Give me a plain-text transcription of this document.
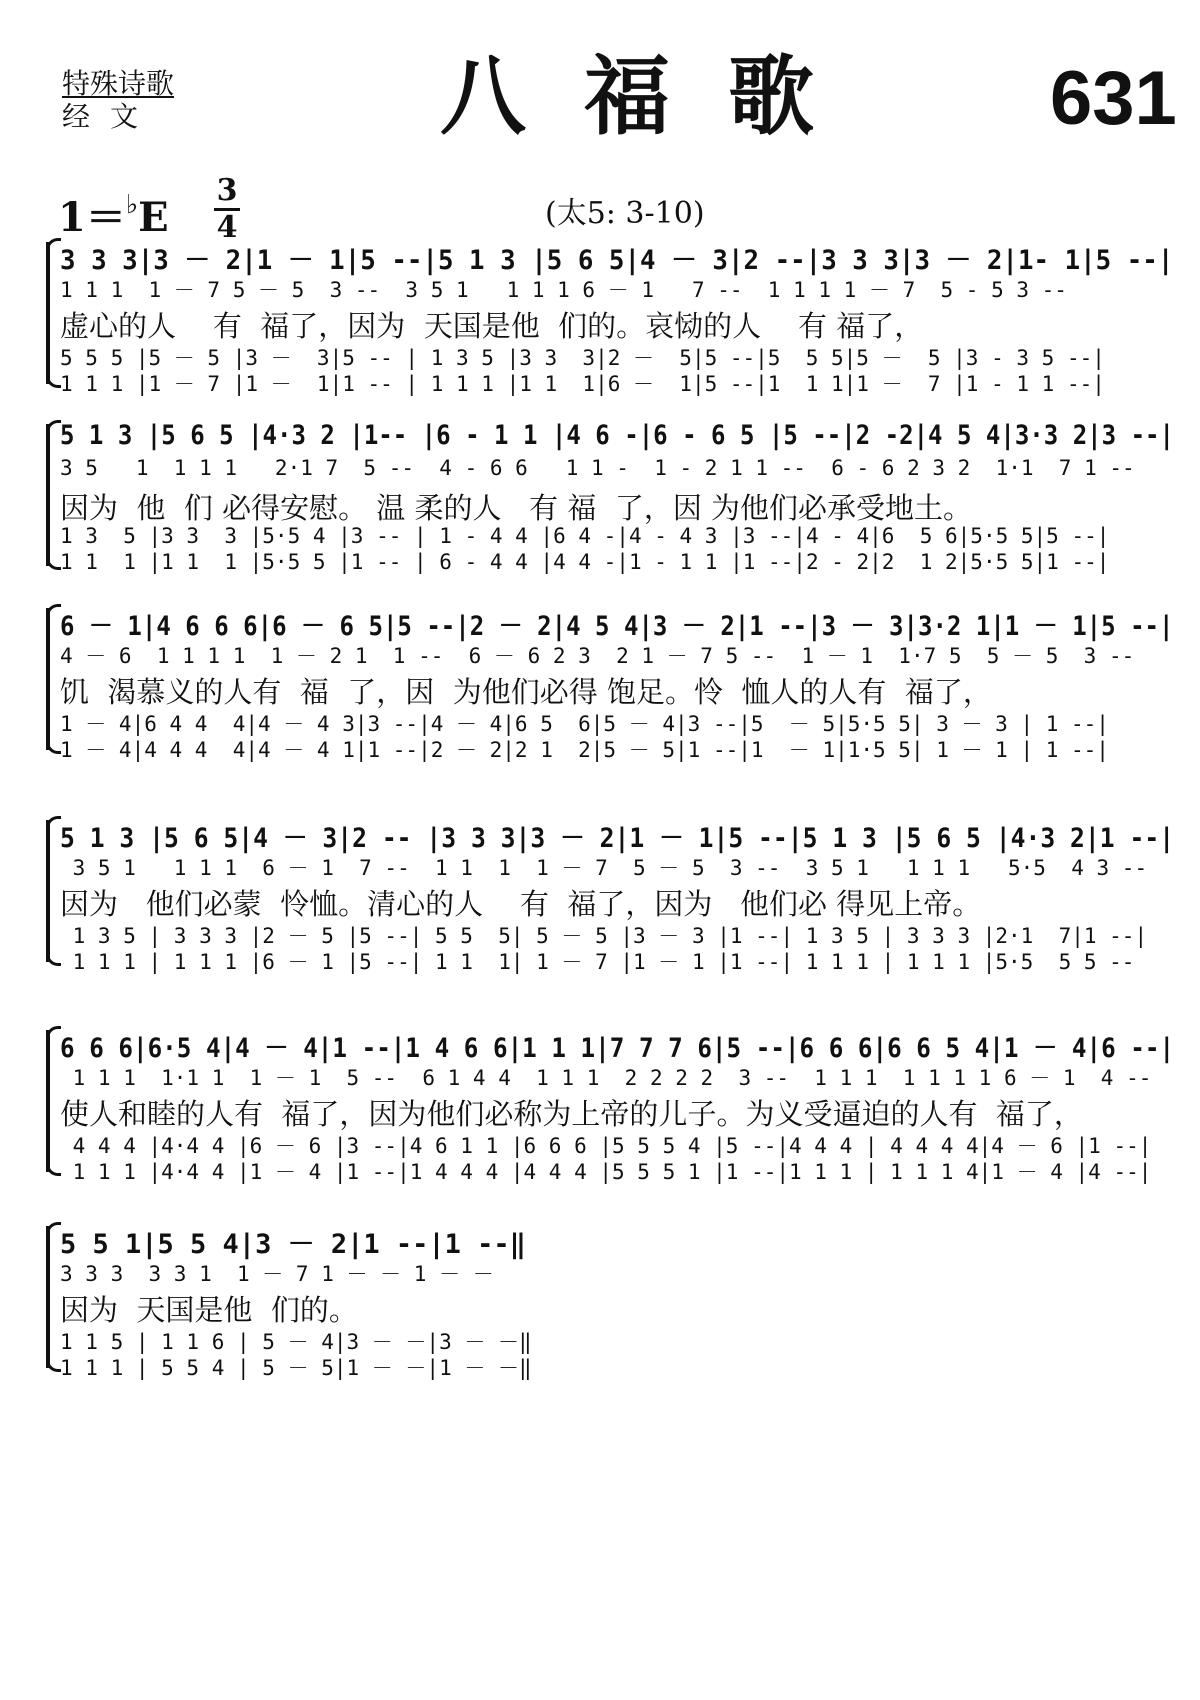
特殊诗歌
经文	八福歌 631
1＝♭E
3
4	(太5: 3-10)
3 3 3|3 － 2|1 － 1|5 --|5 1 3 |5 6 5|4 － 3|2 --|3 3 3|3 － 2|1- 1|5 --|
1 1 1  1 － 7 5 － 5  3 --  3 5 1   1 1 1 6 － 1   7 --  1 1 1 1 － 7  5 - 5 3 --
虚心的人    有  福了，因为  天国是他  们的。哀恸的人    有 福了，
5 5 5 |5 － 5 |3 －  3|5 -- | 1 3 5 |3 3  3|2 －  5|5 --|5  5 5|5 －  5 |3 - 3 5 --|
1 1 1 |1 － 7 |1 －  1|1 -- | 1 1 1 |1 1  1|6 －  1|5 --|1  1 1|1 －  7 |1 - 1 1 --|
5 1 3 |5 6 5 |4·3 2 |1-- |6 - 1 1 |4 6 -|6 - 6 5 |5 --|2 -2|4 5 4|3·3 2|3 --|
3 5   1  1 1 1   2·1 7  5 --  4 - 6 6   1 1 -  1 - 2 1 1 --  6 - 6 2 3 2  1·1  7 1 --
因为  他  们 必得安慰。 温 柔的人   有 福  了，因 为他们必承受地土。
1 3  5 |3 3  3 |5·5 4 |3 -- | 1 - 4 4 |6 4 -|4 - 4 3 |3 --|4 - 4|6  5 6|5·5 5|5 --|
1 1  1 |1 1  1 |5·5 5 |1 -- | 6 - 4 4 |4 4 -|1 - 1 1 |1 --|2 - 2|2  1 2|5·5 5|1 --|
6 － 1|4 6 6 6|6 － 6 5|5 --|2 － 2|4 5 4|3 － 2|1 --|3 － 3|3·2 1|1 － 1|5 --|
4 － 6  1 1 1 1  1 － 2 1  1 --  6 － 6 2 3  2 1 － 7 5 --  1 － 1  1·7 5  5 － 5  3 --
饥  渴慕义的人有  福  了，因  为他们必得 饱足。怜  恤人的人有  福了，
1 － 4|6 4 4  4|4 － 4 3|3 --|4 － 4|6 5  6|5 － 4|3 --|5  － 5|5·5 5| 3 － 3 | 1 --|
1 － 4|4 4 4  4|4 － 4 1|1 --|2 － 2|2 1  2|5 － 5|1 --|1  － 1|1·5 5| 1 － 1 | 1 --|
5 1 3 |5 6 5|4 － 3|2 -- |3 3 3|3 － 2|1 － 1|5 --|5 1 3 |5 6 5 |4·3 2|1 --|
3 5 1   1 1 1  6 － 1  7 --  1 1  1  1 － 7  5 － 5  3 --  3 5 1   1 1 1   5·5  4 3 --
因为   他们必蒙  怜恤。清心的人    有  福了，因为   他们必 得见上帝。
1 3 5 | 3 3 3 |2 － 5 |5 --| 5 5  5| 5 － 5 |3 － 3 |1 --| 1 3 5 | 3 3 3 |2·1  7|1 --|
1 1 1 | 1 1 1 |6 － 1 |5 --| 1 1  1| 1 － 7 |1 － 1 |1 --| 1 1 1 | 1 1 1 |5·5  5 5 --
6 6 6|6·5 4|4 － 4|1 --|1 4 6 6|1 1 1|7 7 7 6|5 --|6 6 6|6 6 5 4|1 － 4|6 --|
1 1 1  1·1 1  1 － 1  5 --  6 1 4 4  1 1 1  2 2 2 2  3 --  1 1 1  1 1 1 1 6 － 1  4 --
使人和睦的人有  福了，因为他们必称为上帝的儿子。为义受逼迫的人有  福了，
4 4 4 |4·4 4 |6 － 6 |3 --|4 6 1 1 |6 6 6 |5 5 5 4 |5 --|4 4 4 | 4 4 4 4|4 － 6 |1 --|
1 1 1 |4·4 4 |1 － 4 |1 --|1 4 4 4 |4 4 4 |5 5 5 1 |1 --|1 1 1 | 1 1 1 4|1 － 4 |4 --|
5 5 1|5 5 4|3 － 2|1 --|1 --‖
3 3 3  3 3 1  1 － 7 1 － － 1 － －
因为  天国是他  们的。
1 1 5 | 1 1 6 | 5 － 4|3 － －|3 － －‖
1 1 1 | 5 5 4 | 5 － 5|1 － －|1 － －‖
